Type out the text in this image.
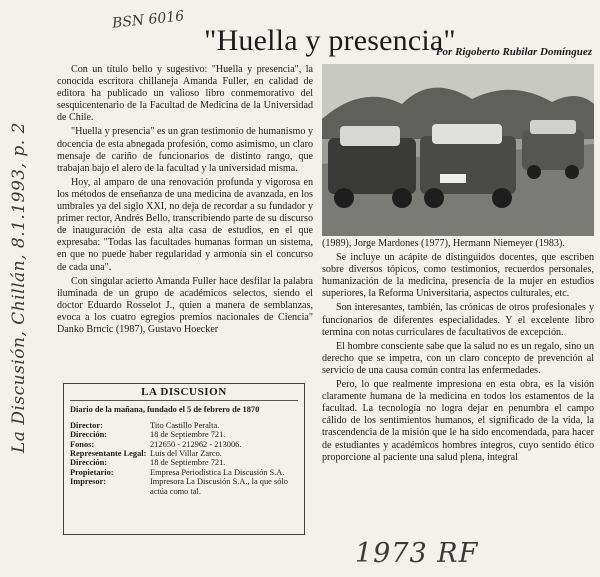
La Discusión, Chillán, 8.1.1993, p. 2
BSN 6016
"Huella y presencia"
Por Rigoberto Rubilar Domínguez

Con un título bello y sugestivo: "Huella y presencia", la conocida escritora chillaneja Amanda Fuller, en calidad de editora ha publicado un valioso libro conmemorativo del sesquicentenario de la Facultad de Medicina de la Universidad de Chile.

"Huella y presencia" es un gran testimonio de humanismo y docencia de esta abnegada profesión, como asimismo, un claro mensaje de cariño de funcionarios de distinto rango, que trabajan bajo el alero de la facultad y la universidad misma.

Hoy, al amparo de una renovación profunda y vigorosa en los métodos de enseñanza de una medicina de avanzada, en los umbrales ya del siglo XXI, no deja de recordar a su fundador y primer rector, Andrés Bello, transcribiendo parte de su discurso de inauguración de esta alta casa de estudios, en el que expresaba: "Todas las facultades humanas forman un sistema, en que no puede haber regularidad y armonía sin el concurso de cada una".

Con singular acierto Amanda Fuller hace desfilar la palabra iluminada de un grupo de académicos selectos, siendo el doctor Eduardo Rosselot J., quien a manera de semblanzas, evoca a los cuatro egregios premios nacionales de Ciencia" Danko Brncic (1987), Gustavo Hoecker

(1989), Jorge Mardones (1977), Hermann Niemeyer (1983).

Se incluye un acápite de distinguidos docentes, que escriben sobre diversos tópicos, como testimonios, recuerdos personales, humanización de la medicina, presencia de la mujer en estudios superiores, la Reforma Universitaria, aspectos culturales, etc.

Son interesantes, también, las crónicas de otros profesionales y funcionarios de diferentes especialidades. Y el excelente libro termina con notas curriculares de facultativos de excepción.

El hombre consciente sabe que la salud no es un regalo, sino un derecho que se impetra, con un claro concepto de prevención al servicio de una causa común contra las enfermedades.

Pero, lo que realmente impresiona en esta obra, es la visión claramente humana de la medicina en todos los estamentos de la facultad. La tecnología no logra dejar en penumbra el campo cálido de los sentimientos humanos, el significado de la vida, la trascendencia de la misión que le ha sido encomendada, para hacer de estudiantes y académicos hombres íntegros, cuyo sentido ético proporcione al paciente una salud plena, integral

LA DISCUSION
Diario de la mañana, fundado el 5 de febrero de 1870
Director:	Tito Castillo Peralta.
Dirección:	18 de Septiembre 721.
Fonos:	212650 - 212962 - 213006.
Representante Legal: Luis del Villar Zarco.
Dirección:	18 de Septiembre 721.
Propietario:	Empresa Periodística La Discusión S.A.
Impresor:	Impresora La Discusión S.A., la que sólo actúa como tal.
1973 RF
